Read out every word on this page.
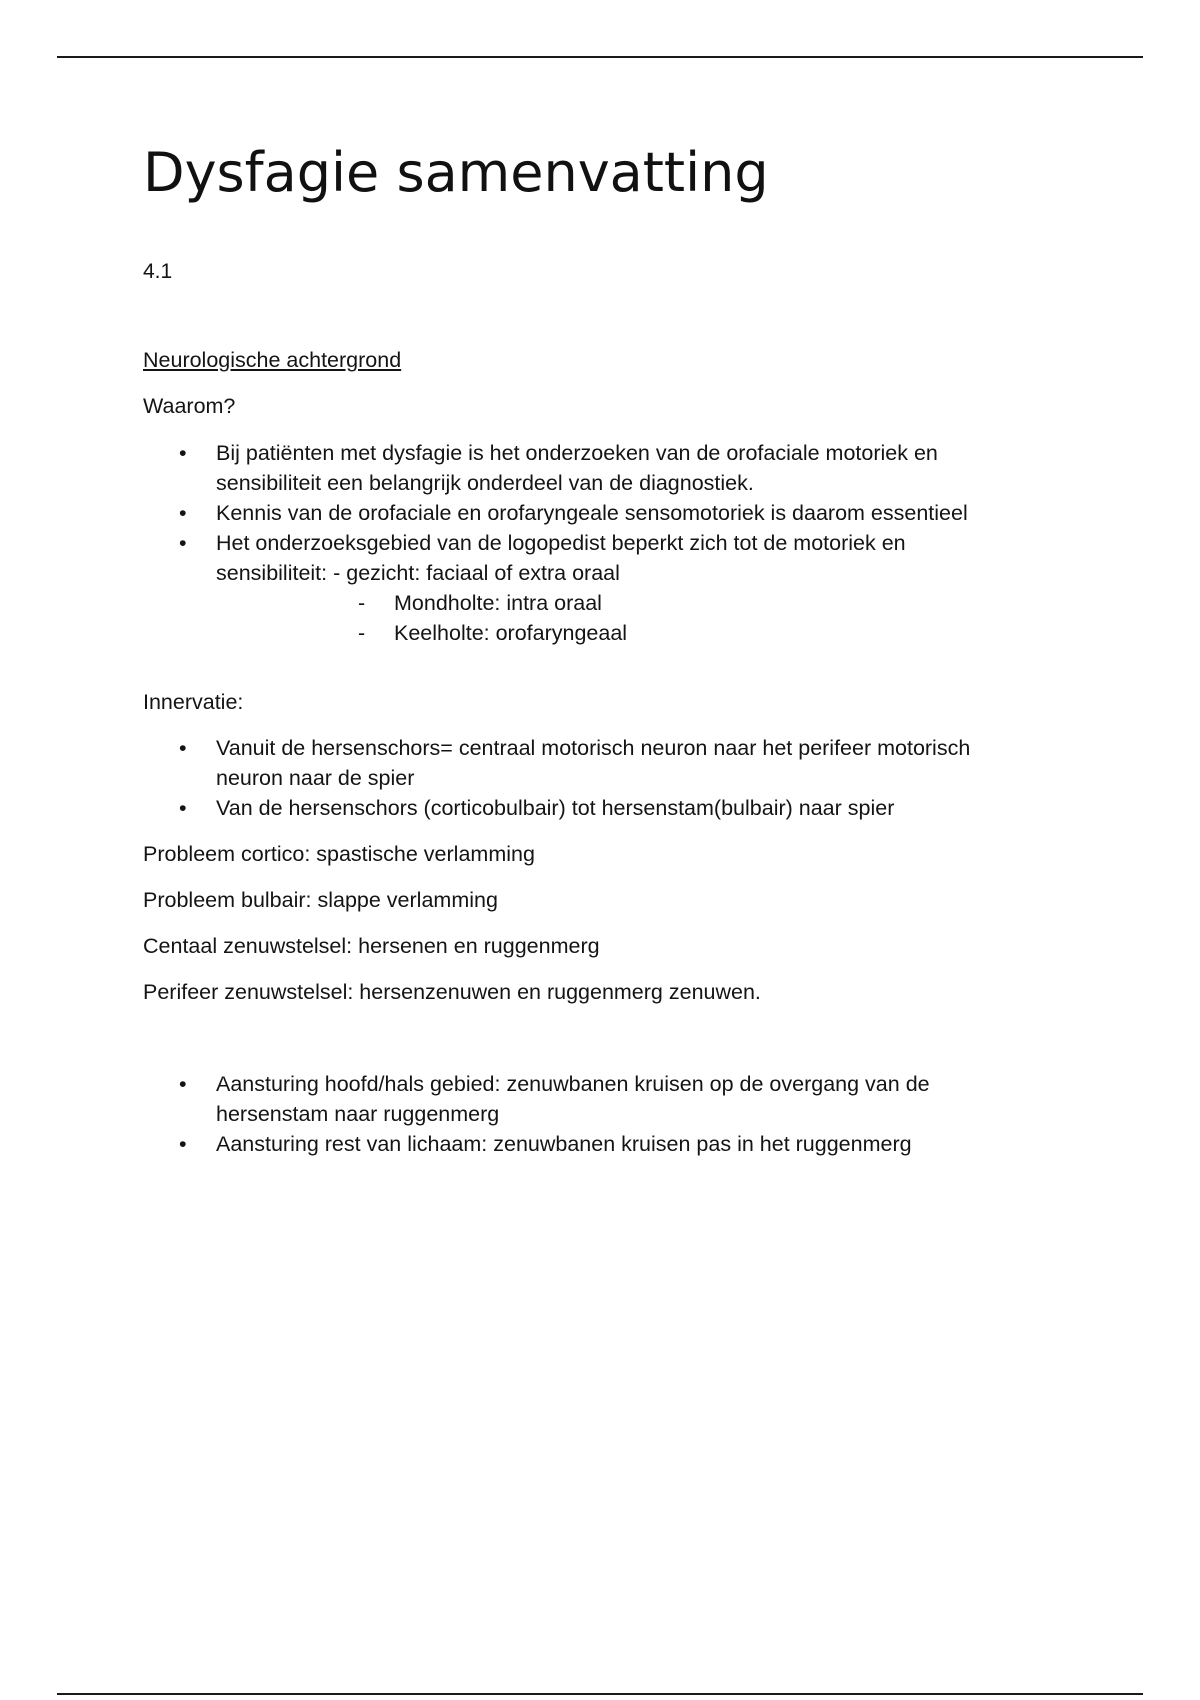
Dysfagie samenvatting
4.1
Neurologische achtergrond
Waarom?
• Bij patiënten met dysfagie is het onderzoeken van de orofaciale motoriek en sensibiliteit een belangrijk onderdeel van de diagnostiek.
• Kennis van de orofaciale en orofaryngeale sensomotoriek is daarom essentieel
• Het onderzoeksgebied van de logopedist beperkt zich tot de motoriek en
sensibiliteit: - gezicht: faciaal of extra oraal
- Mondholte: intra oraal
- Keelholte: orofaryngeaal
Innervatie:
• Vanuit de hersenschors= centraal motorisch neuron naar het perifeer motorisch neuron naar de spier
• Van de hersenschors (corticobulbair) tot hersenstam(bulbair) naar spier
Probleem cortico: spastische verlamming
Probleem bulbair: slappe verlamming
Centaal zenuwstelsel: hersenen en ruggenmerg
Perifeer zenuwstelsel: hersenzenuwen en ruggenmerg zenuwen.
• Aansturing hoofd/hals gebied: zenuwbanen kruisen op de overgang van de hersenstam naar ruggenmerg
• Aansturing rest van lichaam: zenuwbanen kruisen pas in het ruggenmerg
